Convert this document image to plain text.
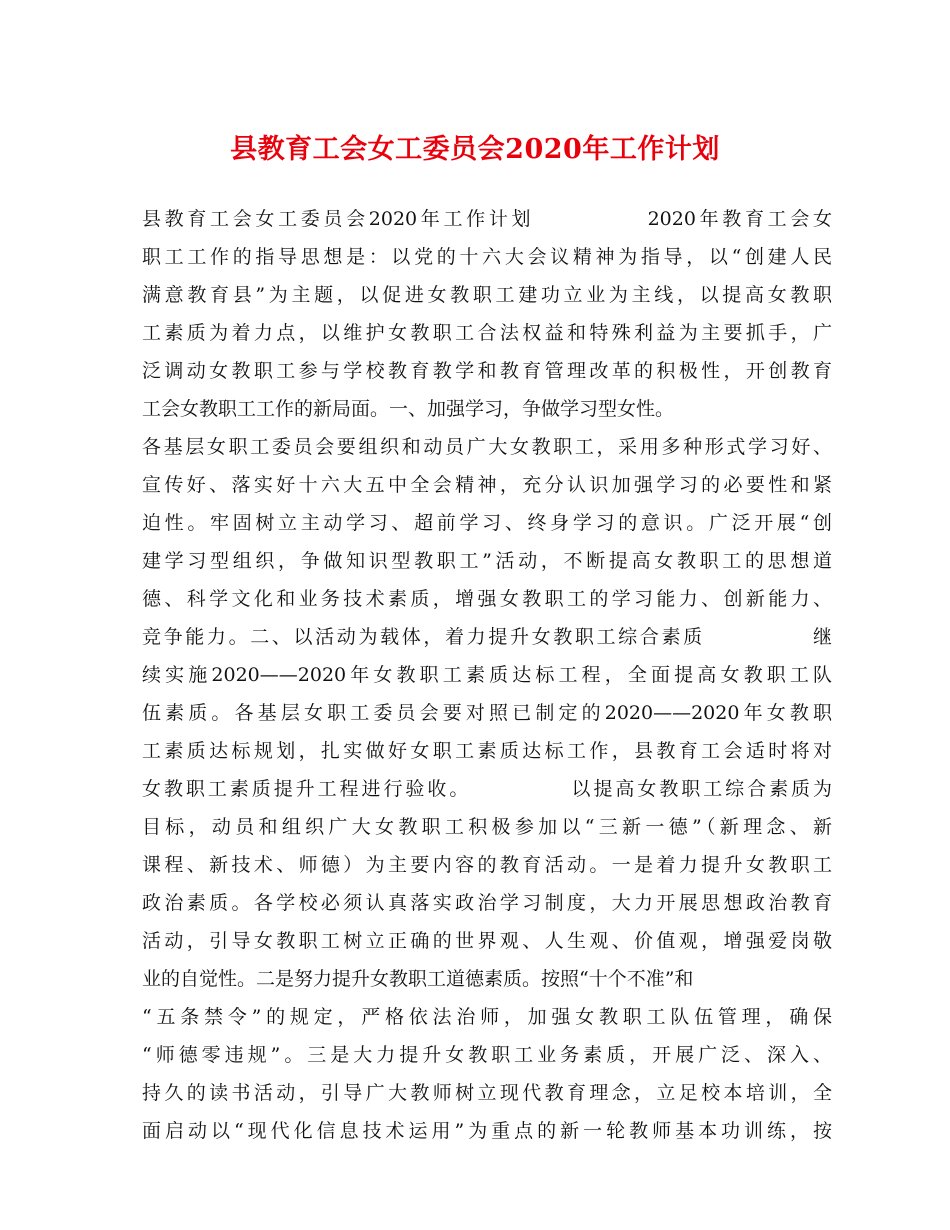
县教育工会女工委员会2020年工作计划
县教育工会女工委员会2020年工作计划　　　　　2020年教育工会女
职工工作的指导思想是：以党的十六大会议精神为指导，以“创建人民
满意教育县”为主题，以促进女教职工建功立业为主线，以提高女教职
工素质为着力点，以维护女教职工合法权益和特殊利益为主要抓手，广
泛调动女教职工参与学校教育教学和教育管理改革的积极性，开创教育
工会女教职工工作的新局面。一、加强学习，争做学习型女性。
各基层女职工委员会要组织和动员广大女教职工，采用多种形式学习好、
宣传好、落实好十六大五中全会精神，充分认识加强学习的必要性和紧
迫性。牢固树立主动学习、超前学习、终身学习的意识。广泛开展“创
建学习型组织，争做知识型教职工”活动，不断提高女教职工的思想道
德、科学文化和业务技术素质，增强女教职工的学习能力、创新能力、
竞争能力。二、以活动为载体，着力提升女教职工综合素质　　　　　继
续实施2020——2020年女教职工素质达标工程，全面提高女教职工队
伍素质。各基层女职工委员会要对照已制定的2020——2020年女教职
工素质达标规划，扎实做好女职工素质达标工作，县教育工会适时将对
女教职工素质提升工程进行验收。　　　　　以提高女教职工综合素质为
目标，动员和组织广大女教职工积极参加以“三新一德”（新理念、新
课程、新技术、师德）为主要内容的教育活动。一是着力提升女教职工
政治素质。各学校必须认真落实政治学习制度，大力开展思想政治教育
活动，引导女教职工树立正确的世界观、人生观、价值观，增强爱岗敬
业的自觉性。二是努力提升女教职工道德素质。按照“十个不准”和
“五条禁令”的规定，严格依法治师，加强女教职工队伍管理，确保
“师德零违规”。三是大力提升女教职工业务素质，开展广泛、深入、
持久的读书活动，引导广大教师树立现代教育理念，立足校本培训，全
面启动以“现代化信息技术运用”为重点的新一轮教师基本功训练，按
